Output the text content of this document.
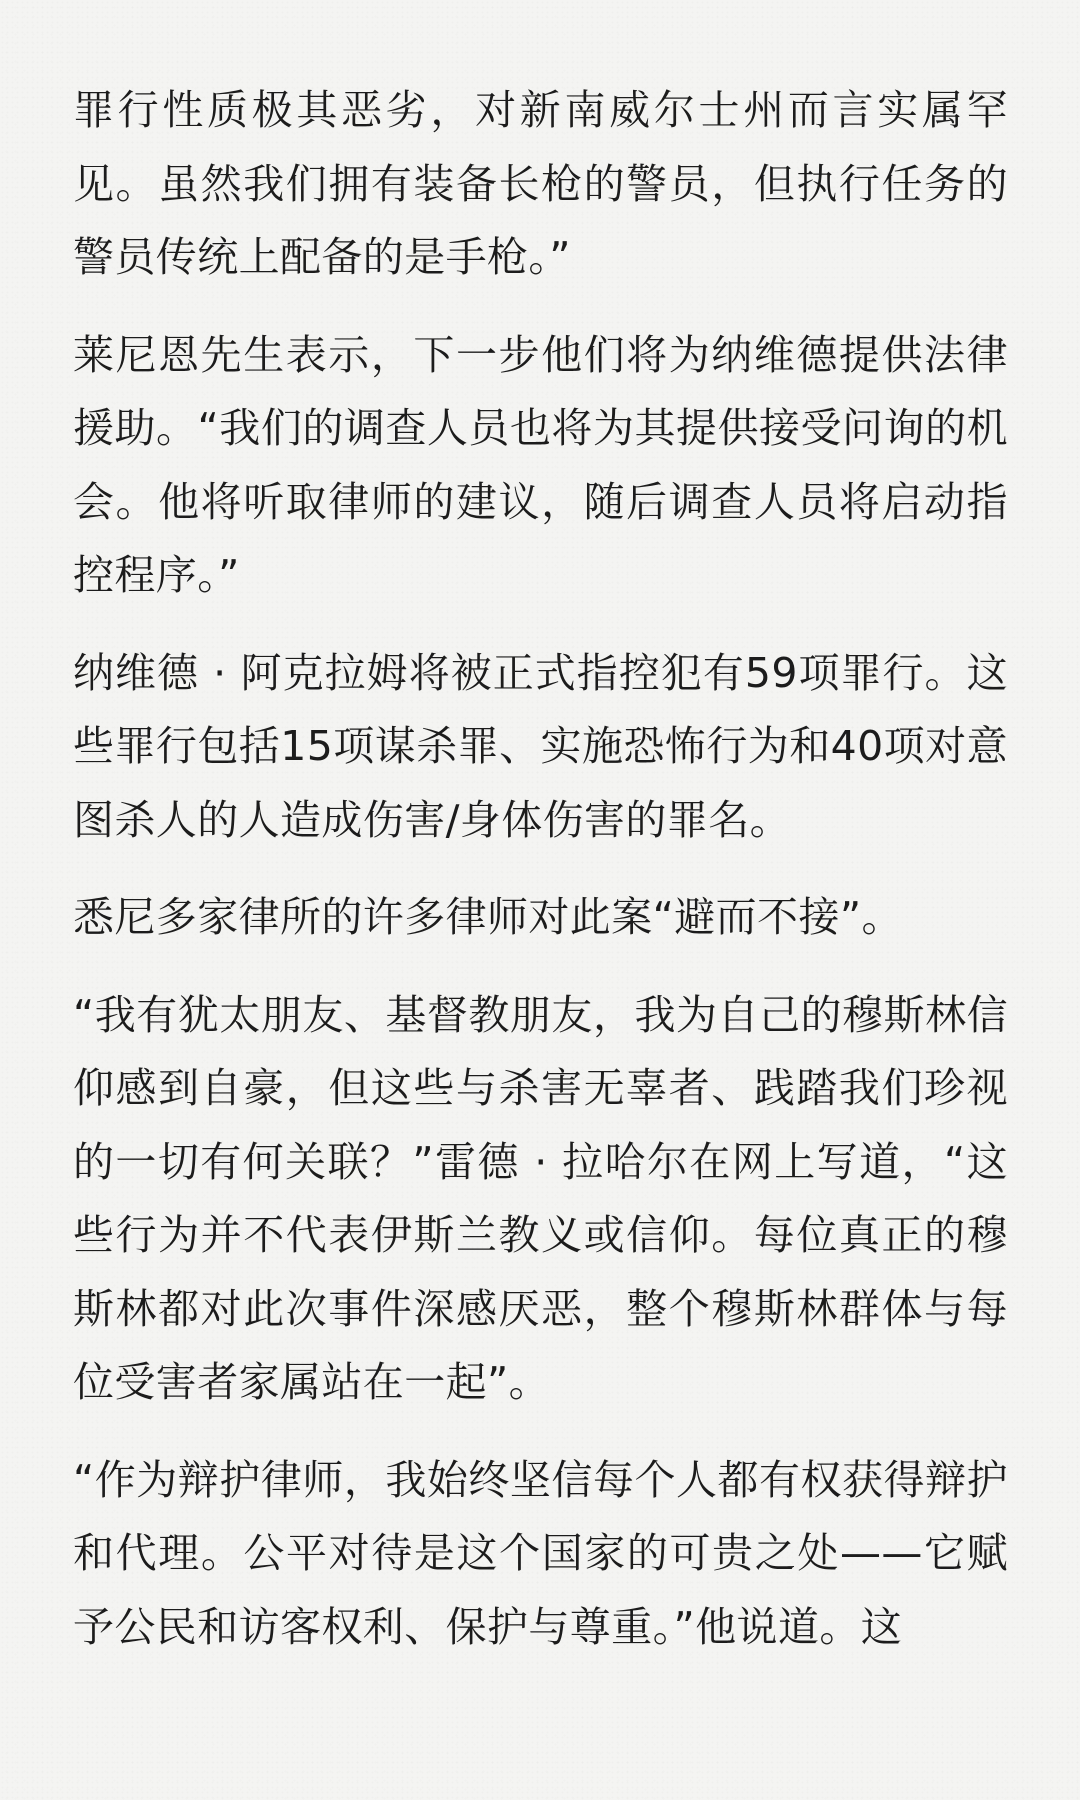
罪行性质极其恶劣，对新南威尔士州而言实属罕见。虽然我们拥有装备长枪的警员，但执行任务的警员传统上配备的是手枪。”

莱尼恩先生表示，下一步他们将为纳维德提供法律援助。“我们的调查人员也将为其提供接受问询的机会。他将听取律师的建议，随后调查人员将启动指控程序。”

纳维德 · 阿克拉姆将被正式指控犯有59项罪行。这些罪行包括15项谋杀罪、实施恐怖行为和40项对意图杀人的人造成伤害/身体伤害的罪名。

悉尼多家律所的许多律师对此案“避而不接”。

“我有犹太朋友、基督教朋友，我为自己的穆斯林信仰感到自豪，但这些与杀害无辜者、践踏我们珍视的一切有何关联？”雷德 · 拉哈尔在网上写道，“这些行为并不代表伊斯兰教义或信仰。每位真正的穆斯林都对此次事件深感厌恶，整个穆斯林群体与每位受害者家属站在一起”。

“作为辩护律师，我始终坚信每个人都有权获得辩护和代理。公平对待是这个国家的可贵之处——它赋予公民和访客权利、保护与尊重。”他说道。这
